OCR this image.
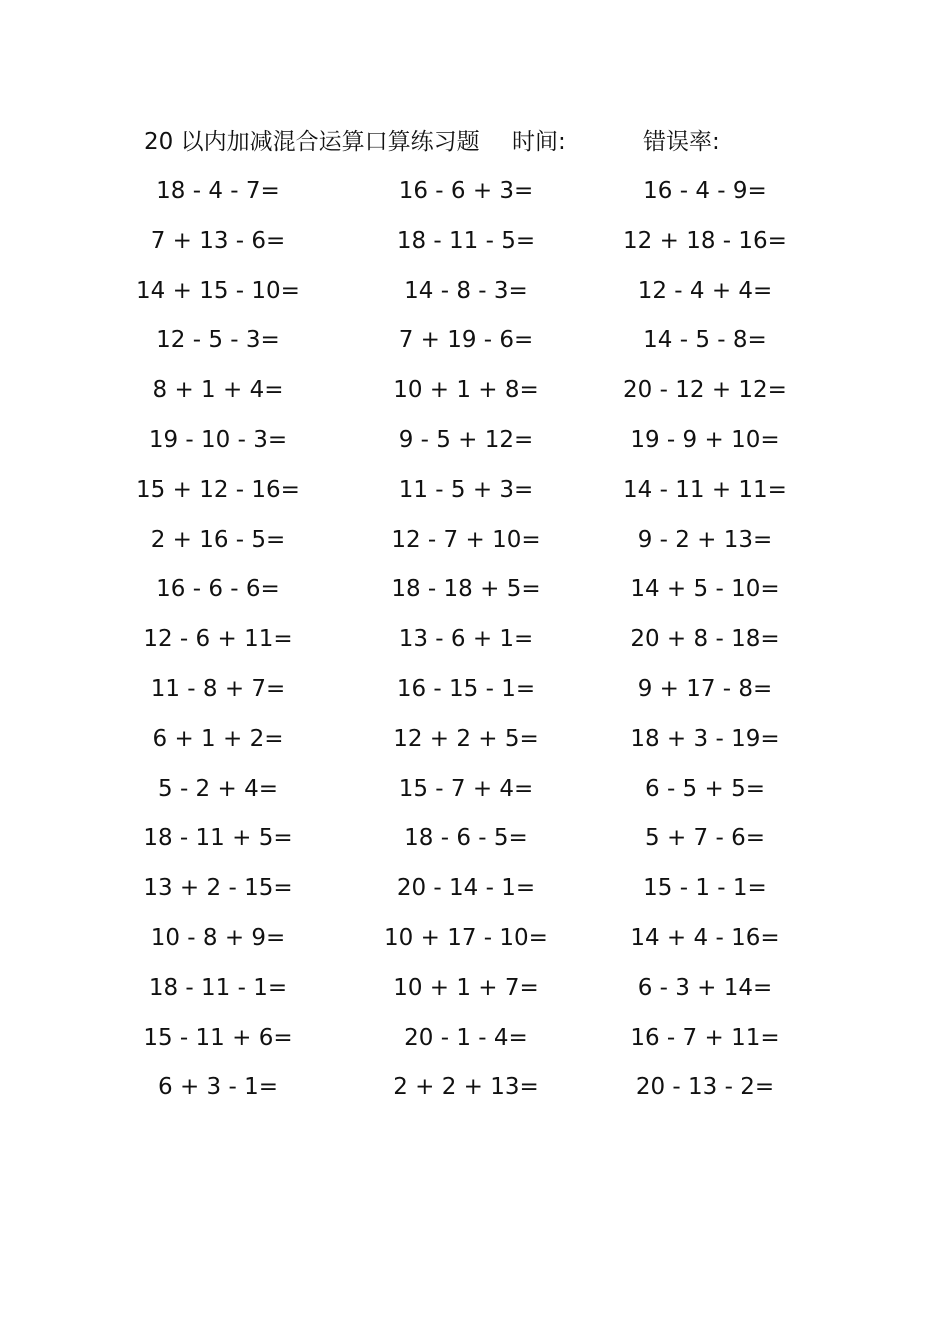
20 以内加减混合运算口算练习题 时间:	错误率:
18 - 4 - 7=	16 - 6 + 3=	16 - 4 - 9=
7 + 13 - 6=	18 - 11 - 5=	12 + 18 - 16=
14 + 15 - 10=	14 - 8 - 3=	12 - 4 + 4=
12 - 5 - 3=	7 + 19 - 6=	14 - 5 - 8=
8 + 1 + 4=	10 + 1 + 8=	20 - 12 + 12=
19 - 10 - 3=	9 - 5 + 12=	19 - 9 + 10=
15 + 12 - 16=	11 - 5 + 3=	14 - 11 + 11=
2 + 16 - 5=	12 - 7 + 10=	9 - 2 + 13=
16 - 6 - 6=	18 - 18 + 5=	14 + 5 - 10=
12 - 6 + 11=	13 - 6 + 1=	20 + 8 - 18=
11 - 8 + 7=	16 - 15 - 1=	9 + 17 - 8=
6 + 1 + 2=	12 + 2 + 5=	18 + 3 - 19=
5 - 2 + 4=	15 - 7 + 4=	6 - 5 + 5=
18 - 11 + 5=	18 - 6 - 5=	5 + 7 - 6=
13 + 2 - 15=	20 - 14 - 1=	15 - 1 - 1=
10 - 8 + 9=	10 + 17 - 10=	14 + 4 - 16=
18 - 11 - 1=	10 + 1 + 7=	6 - 3 + 14=
15 - 11 + 6=	20 - 1 - 4=	16 - 7 + 11=
6 + 3 - 1=	2 + 2 + 13=	20 - 13 - 2=
